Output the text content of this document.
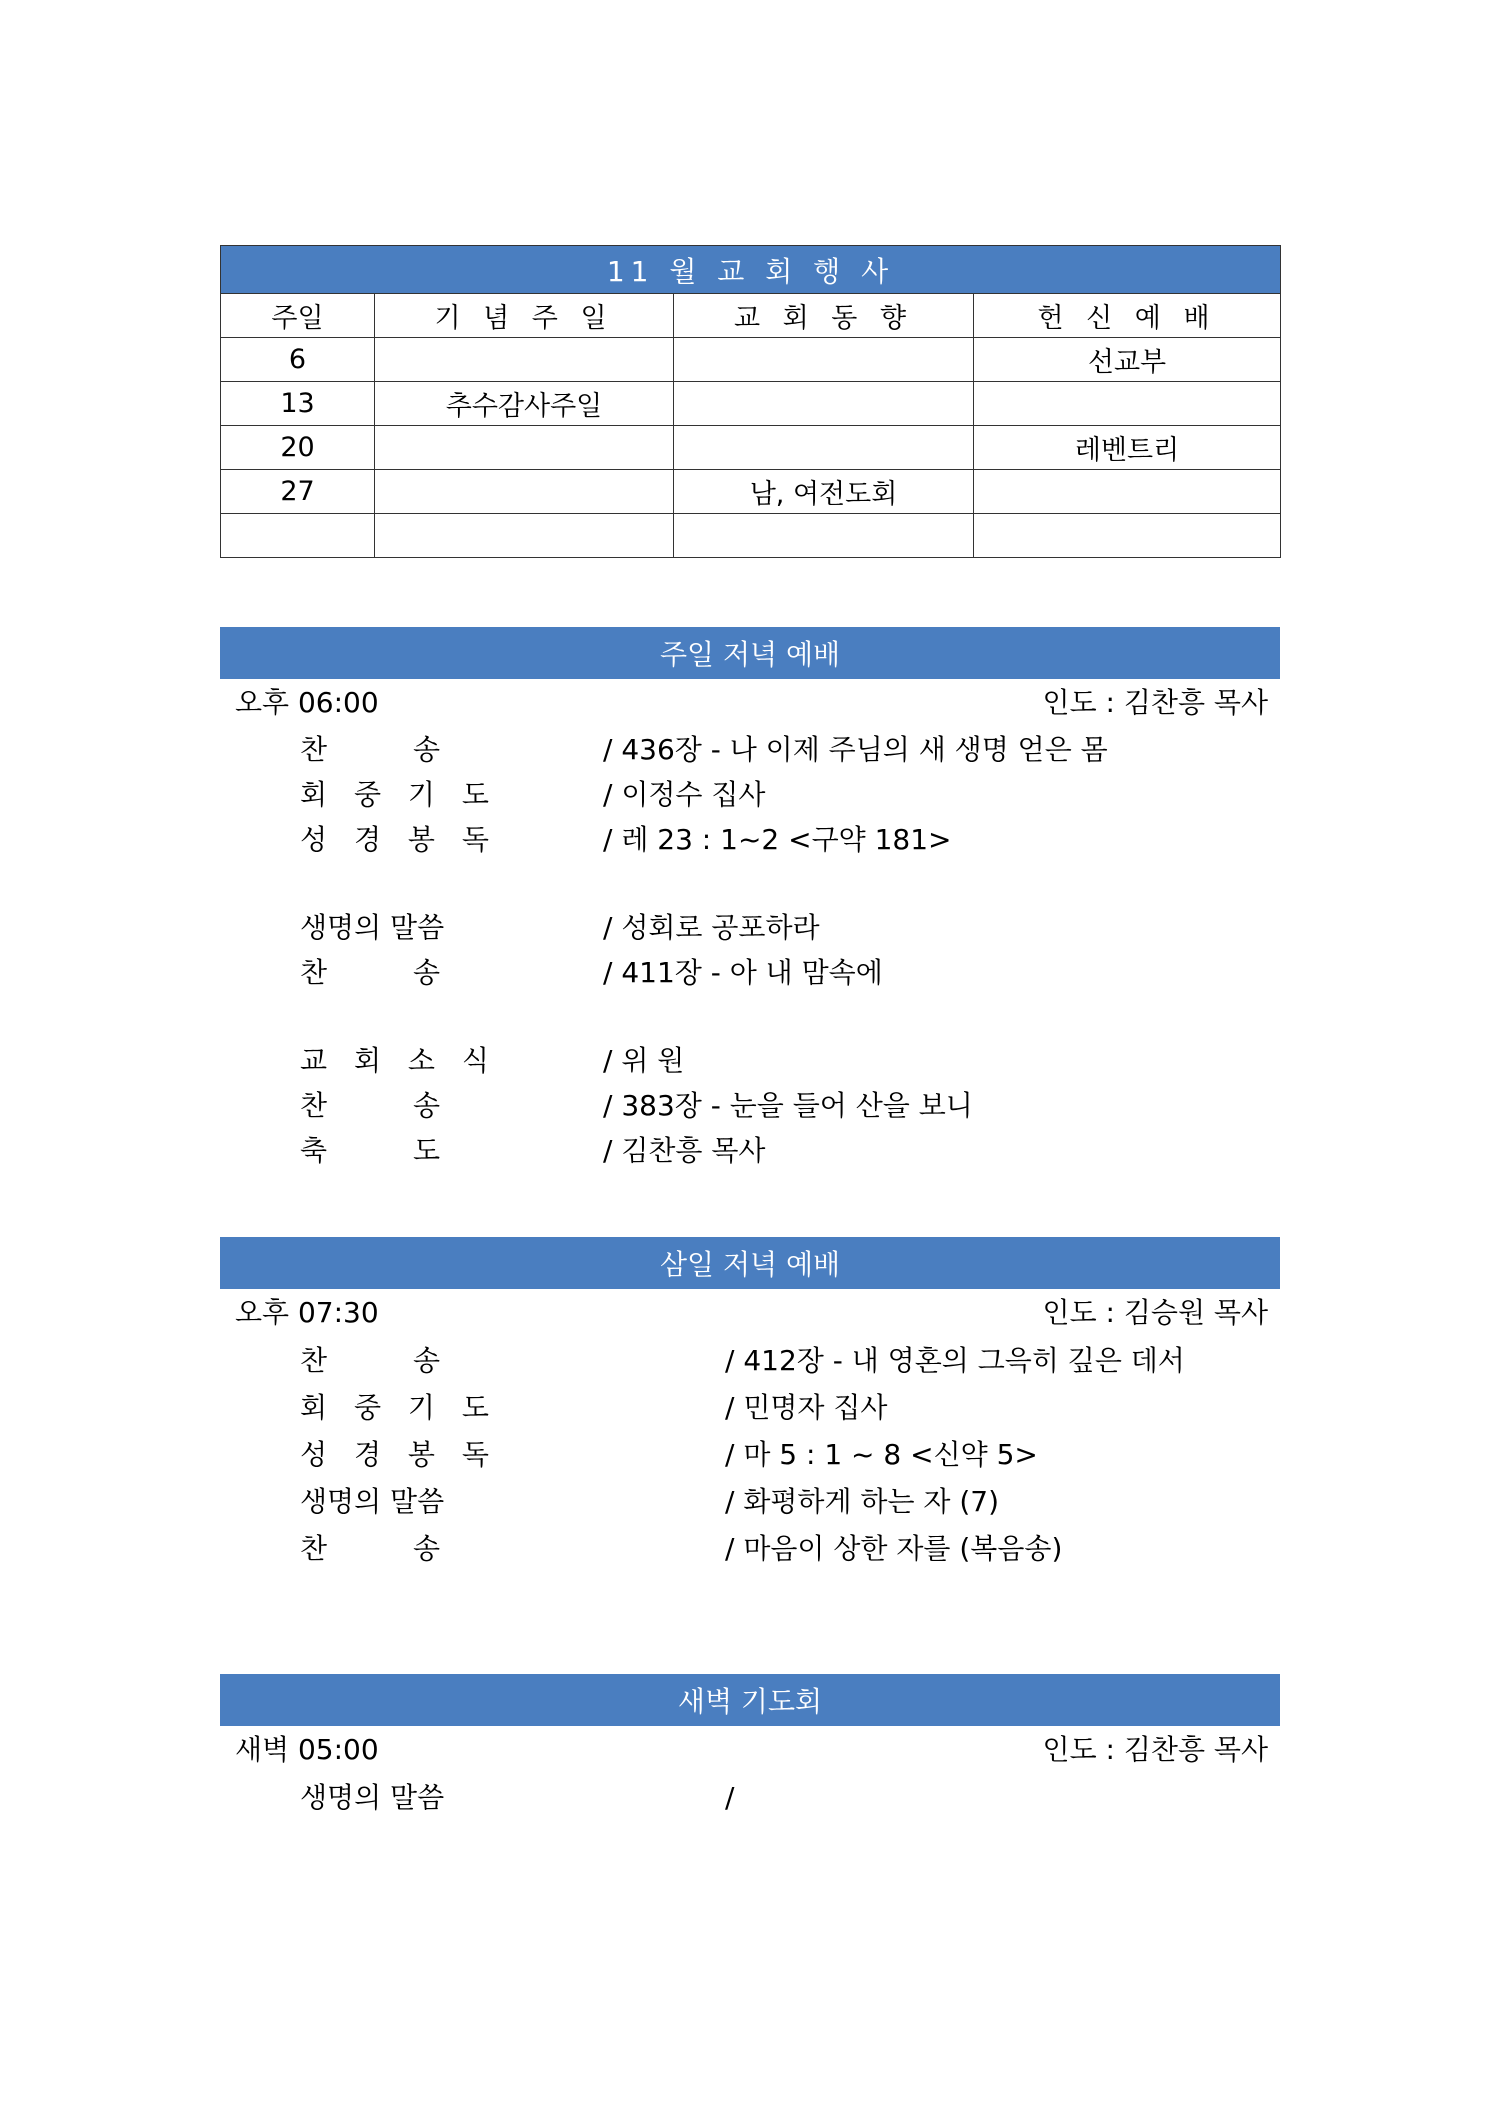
11 월 교 회 행 사			
주일	기 념 주 일	교 회 동 향	헌 신 예 배
6			선교부
13	추수감사주일		
20			레벤트리
27		남, 여전도회	

주일 저녁 예배
오후 06:00	인도 : 김찬흥 목사
찬	송	/ 436장 - 나 이제 주님의 새 생명 얻은 몸
회 중 기 도	/ 이정수 집사
성 경 봉 독	/ 레 23 : 1~2 <구약 181>
생명의 말씀	/ 성회로 공포하라
찬	송	/ 411장 - 아 내 맘속에
교 회 소 식	/ 위 원
찬	송	/ 383장 - 눈을 들어 산을 보니
축	도	/ 김찬흥 목사
삼일 저녁 예배
오후 07:30	인도 : 김승원 목사
찬	송	/ 412장 - 내 영혼의 그윽히 깊은 데서
회 중 기 도	/ 민명자 집사
성 경 봉 독	/ 마 5 : 1 ~ 8 <신약 5>
생명의 말씀	/ 화평하게 하는 자 (7)
찬	송	/ 마음이 상한 자를 (복음송)
새벽 기도회
새벽 05:00	인도 : 김찬흥 목사
생명의 말씀	/
